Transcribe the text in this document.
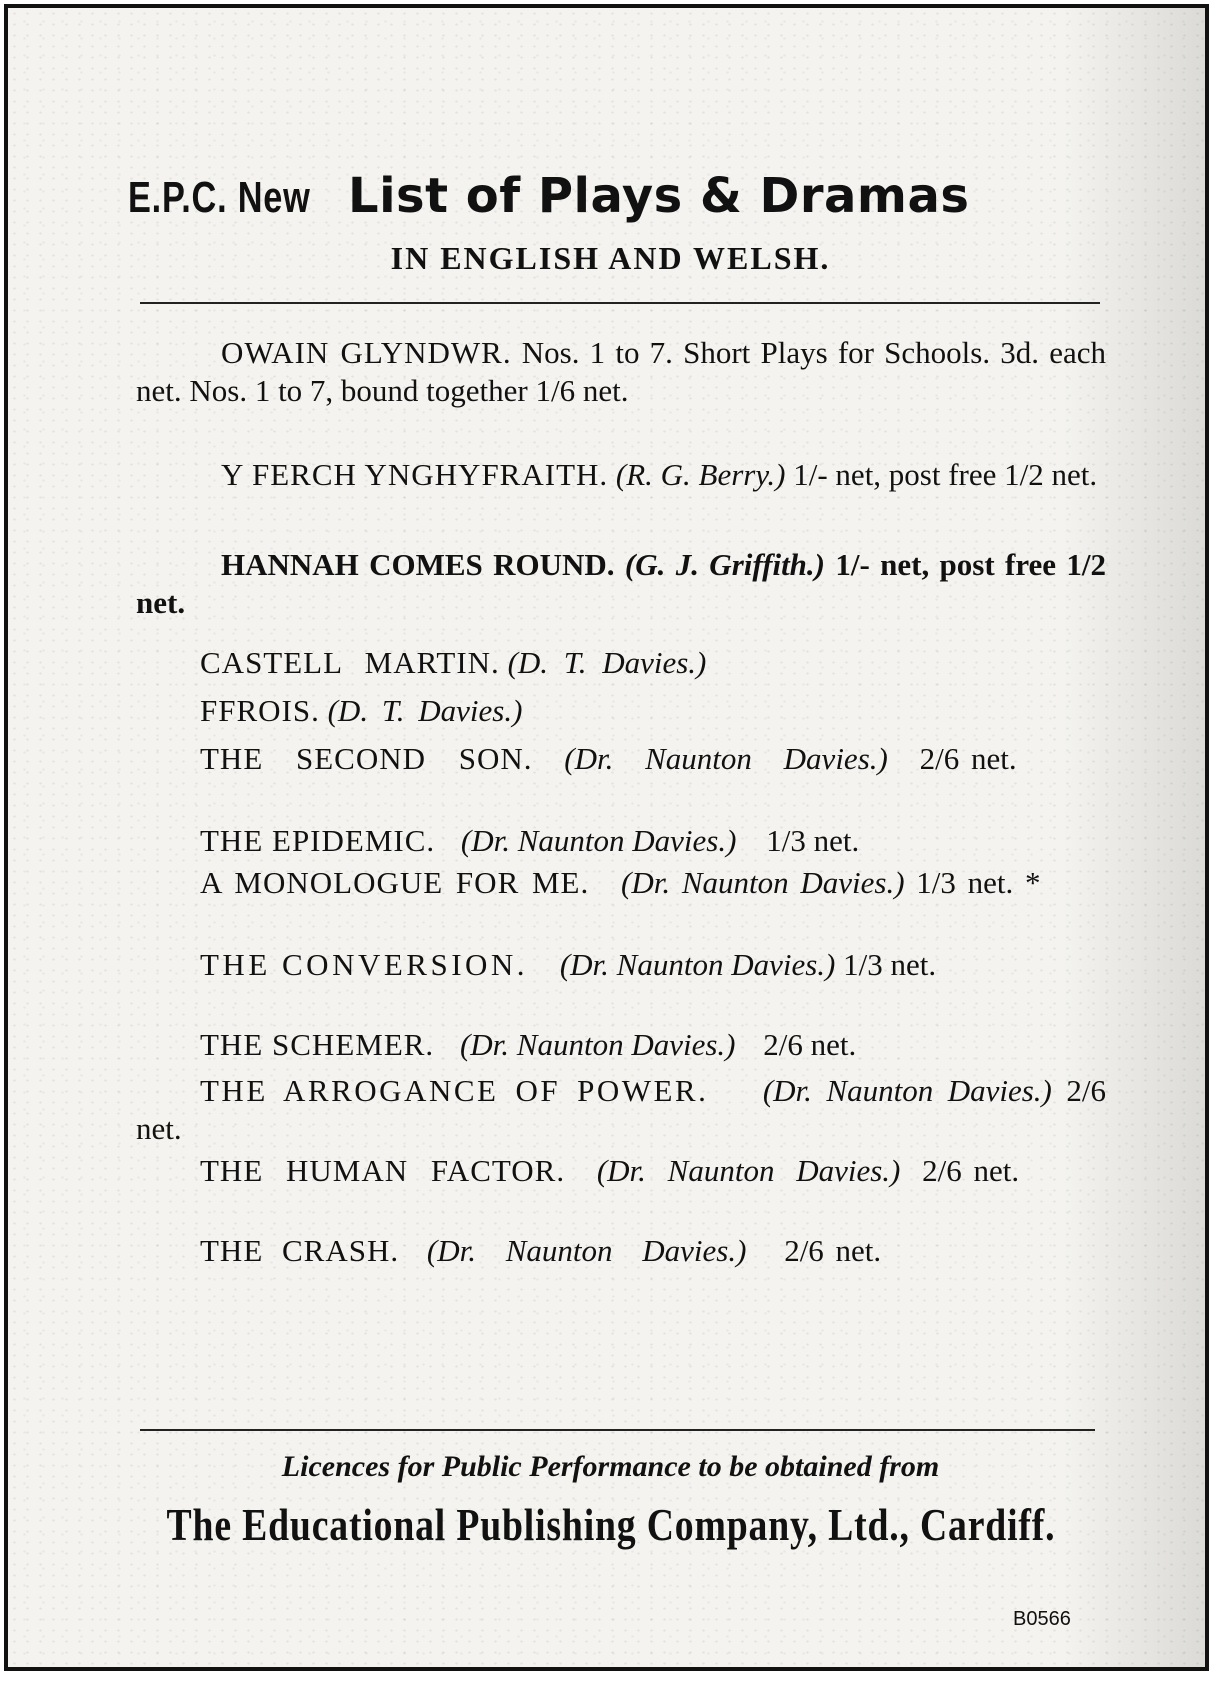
E.P.C. New List of Plays & Dramas
IN ENGLISH AND WELSH.
OWAIN GLYNDWR. Nos. 1 to 7. Short Plays for Schools. 3d. each net. Nos. 1 to 7, bound together 1/6 net.
Y FERCH YNGHYFRAITH. (R. G. Berry.) 1/- net, post free 1/2 net.
HANNAH COMES ROUND. (G. J. Griffith.) 1/- net, post free 1/2 net.
CASTELL MARTIN. (D. T. Davies.)
FFROIS. (D. T. Davies.)
THE SECOND SON. (Dr. Naunton Davies.) 2/6 net.
THE EPIDEMIC. (Dr. Naunton Davies.) 1/3 net.
A MONOLOGUE FOR ME. (Dr. Naunton Davies.) 1/3 net. *
THE CONVERSION. (Dr. Naunton Davies.) 1/3 net.
THE SCHEMER. (Dr. Naunton Davies.) 2/6 net.
THE ARROGANCE OF POWER. (Dr. Naunton Davies.) 2/6 net.
THE HUMAN FACTOR. (Dr. Naunton Davies.) 2/6 net.
THE CRASH. (Dr. Naunton Davies.) 2/6 net.
Licences for Public Performance to be obtained from
The Educational Publishing Company, Ltd., Cardiff.
B0566
